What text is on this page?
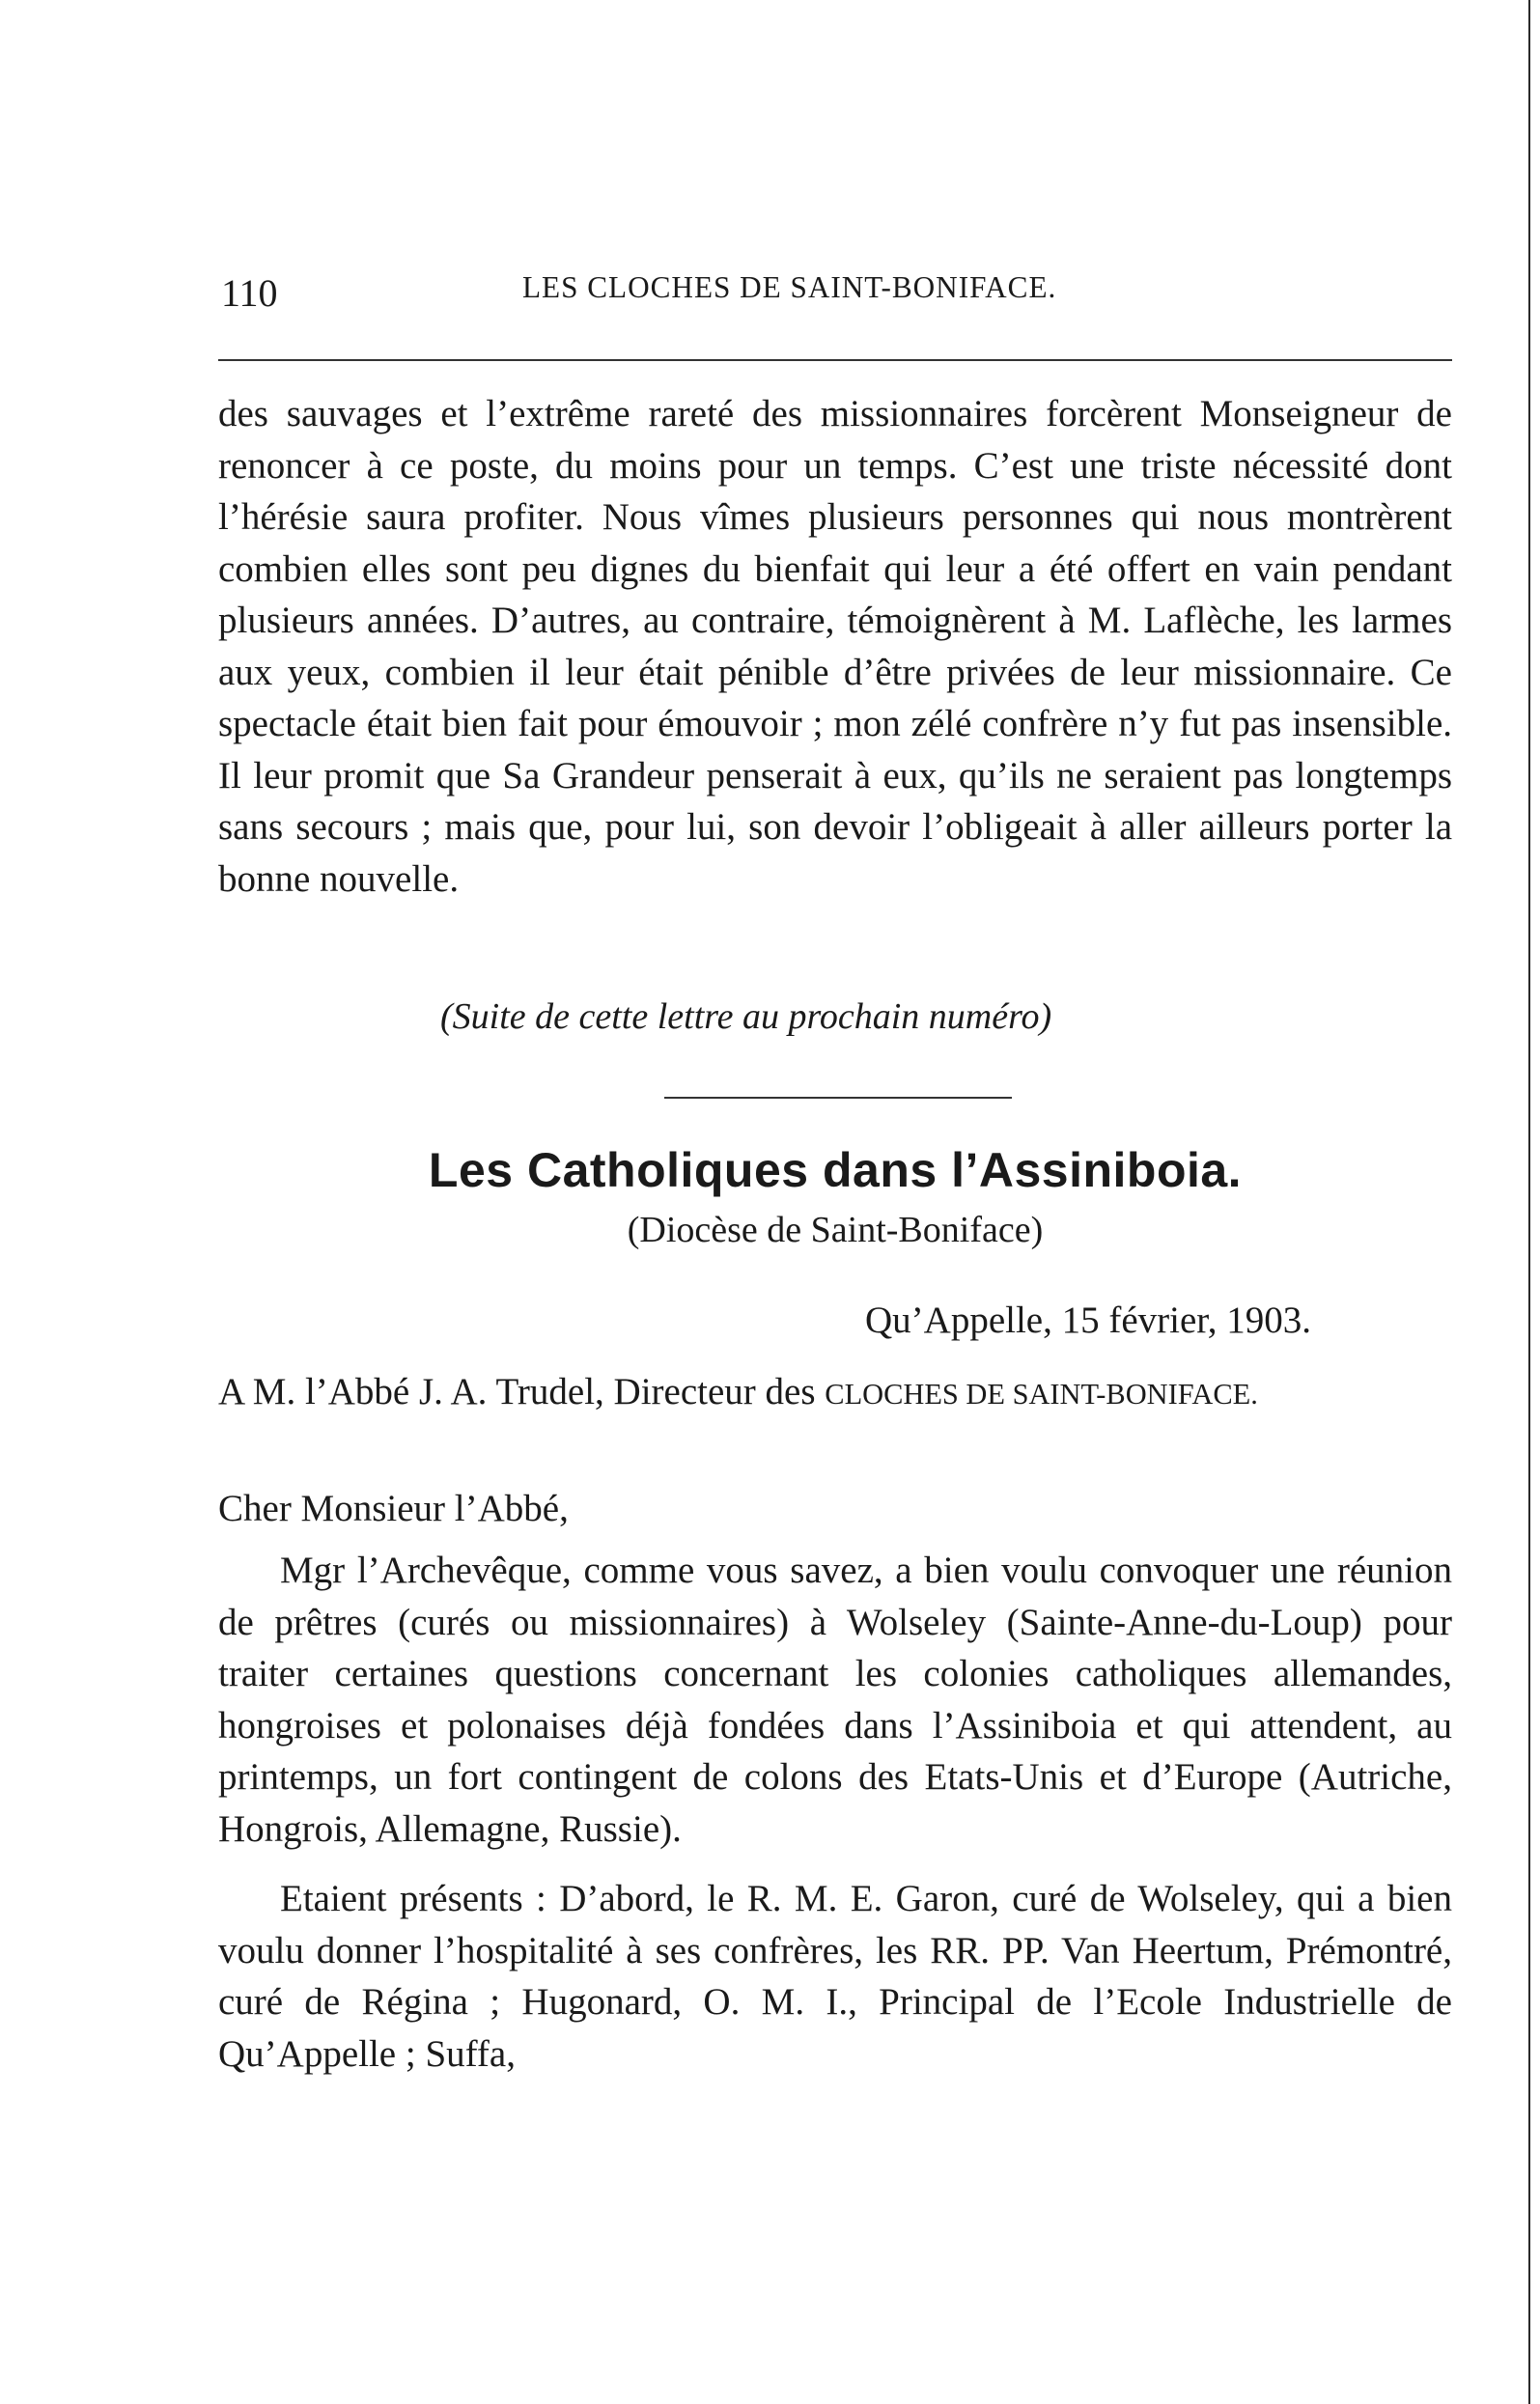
110	LES CLOCHES DE SAINT-BONIFACE.

des sauvages et l’extrême rareté des missionnaires forcèrent Monseigneur de renoncer à ce poste, du moins pour un temps. C’est une triste nécessité dont l’hérésie saura profiter. Nous vîmes plusieurs personnes qui nous montrèrent combien elles sont peu dignes du bienfait qui leur a été offert en vain pendant plusieurs années. D’autres, au contraire, témoignèrent à M. Laflèche, les larmes aux yeux, combien il leur était pénible d’être privées de leur missionnaire. Ce spectacle était bien fait pour émouvoir ; mon zélé confrère n’y fut pas insensible. Il leur promit que Sa Grandeur penserait à eux, qu’ils ne seraient pas longtemps sans secours ; mais que, pour lui, son devoir l’obligeait à aller ailleurs porter la bonne nouvelle.

(Suite de cette lettre au prochain numéro)
Les Catholiques dans l’Assiniboia.
(Diocèse de Saint-Boniface)
Qu’Appelle, 15 février, 1903.
A M. l’Abbé J. A. Trudel, Directeur des CLOCHES DE SAINT-BONIFACE.
Cher Monsieur l’Abbé,

Mgr l’Archevêque, comme vous savez, a bien voulu convoquer une réunion de prêtres (curés ou missionnaires) à Wolseley (Sainte-Anne-du-Loup) pour traiter certaines questions concernant les colonies catholiques allemandes, hongroises et polonaises déjà fondées dans l’Assiniboia et qui attendent, au printemps, un fort contingent de colons des Etats-Unis et d’Europe (Autriche, Hongrois, Allemagne, Russie).

Etaient présents : D’abord, le R. M. E. Garon, curé de Wolseley, qui a bien voulu donner l’hospitalité à ses confrères, les RR. PP. Van Heertum, Prémontré, curé de Régina ; Hugonard, O. M. I., Principal de l’Ecole Industrielle de Qu’Appelle ; Suffa,
